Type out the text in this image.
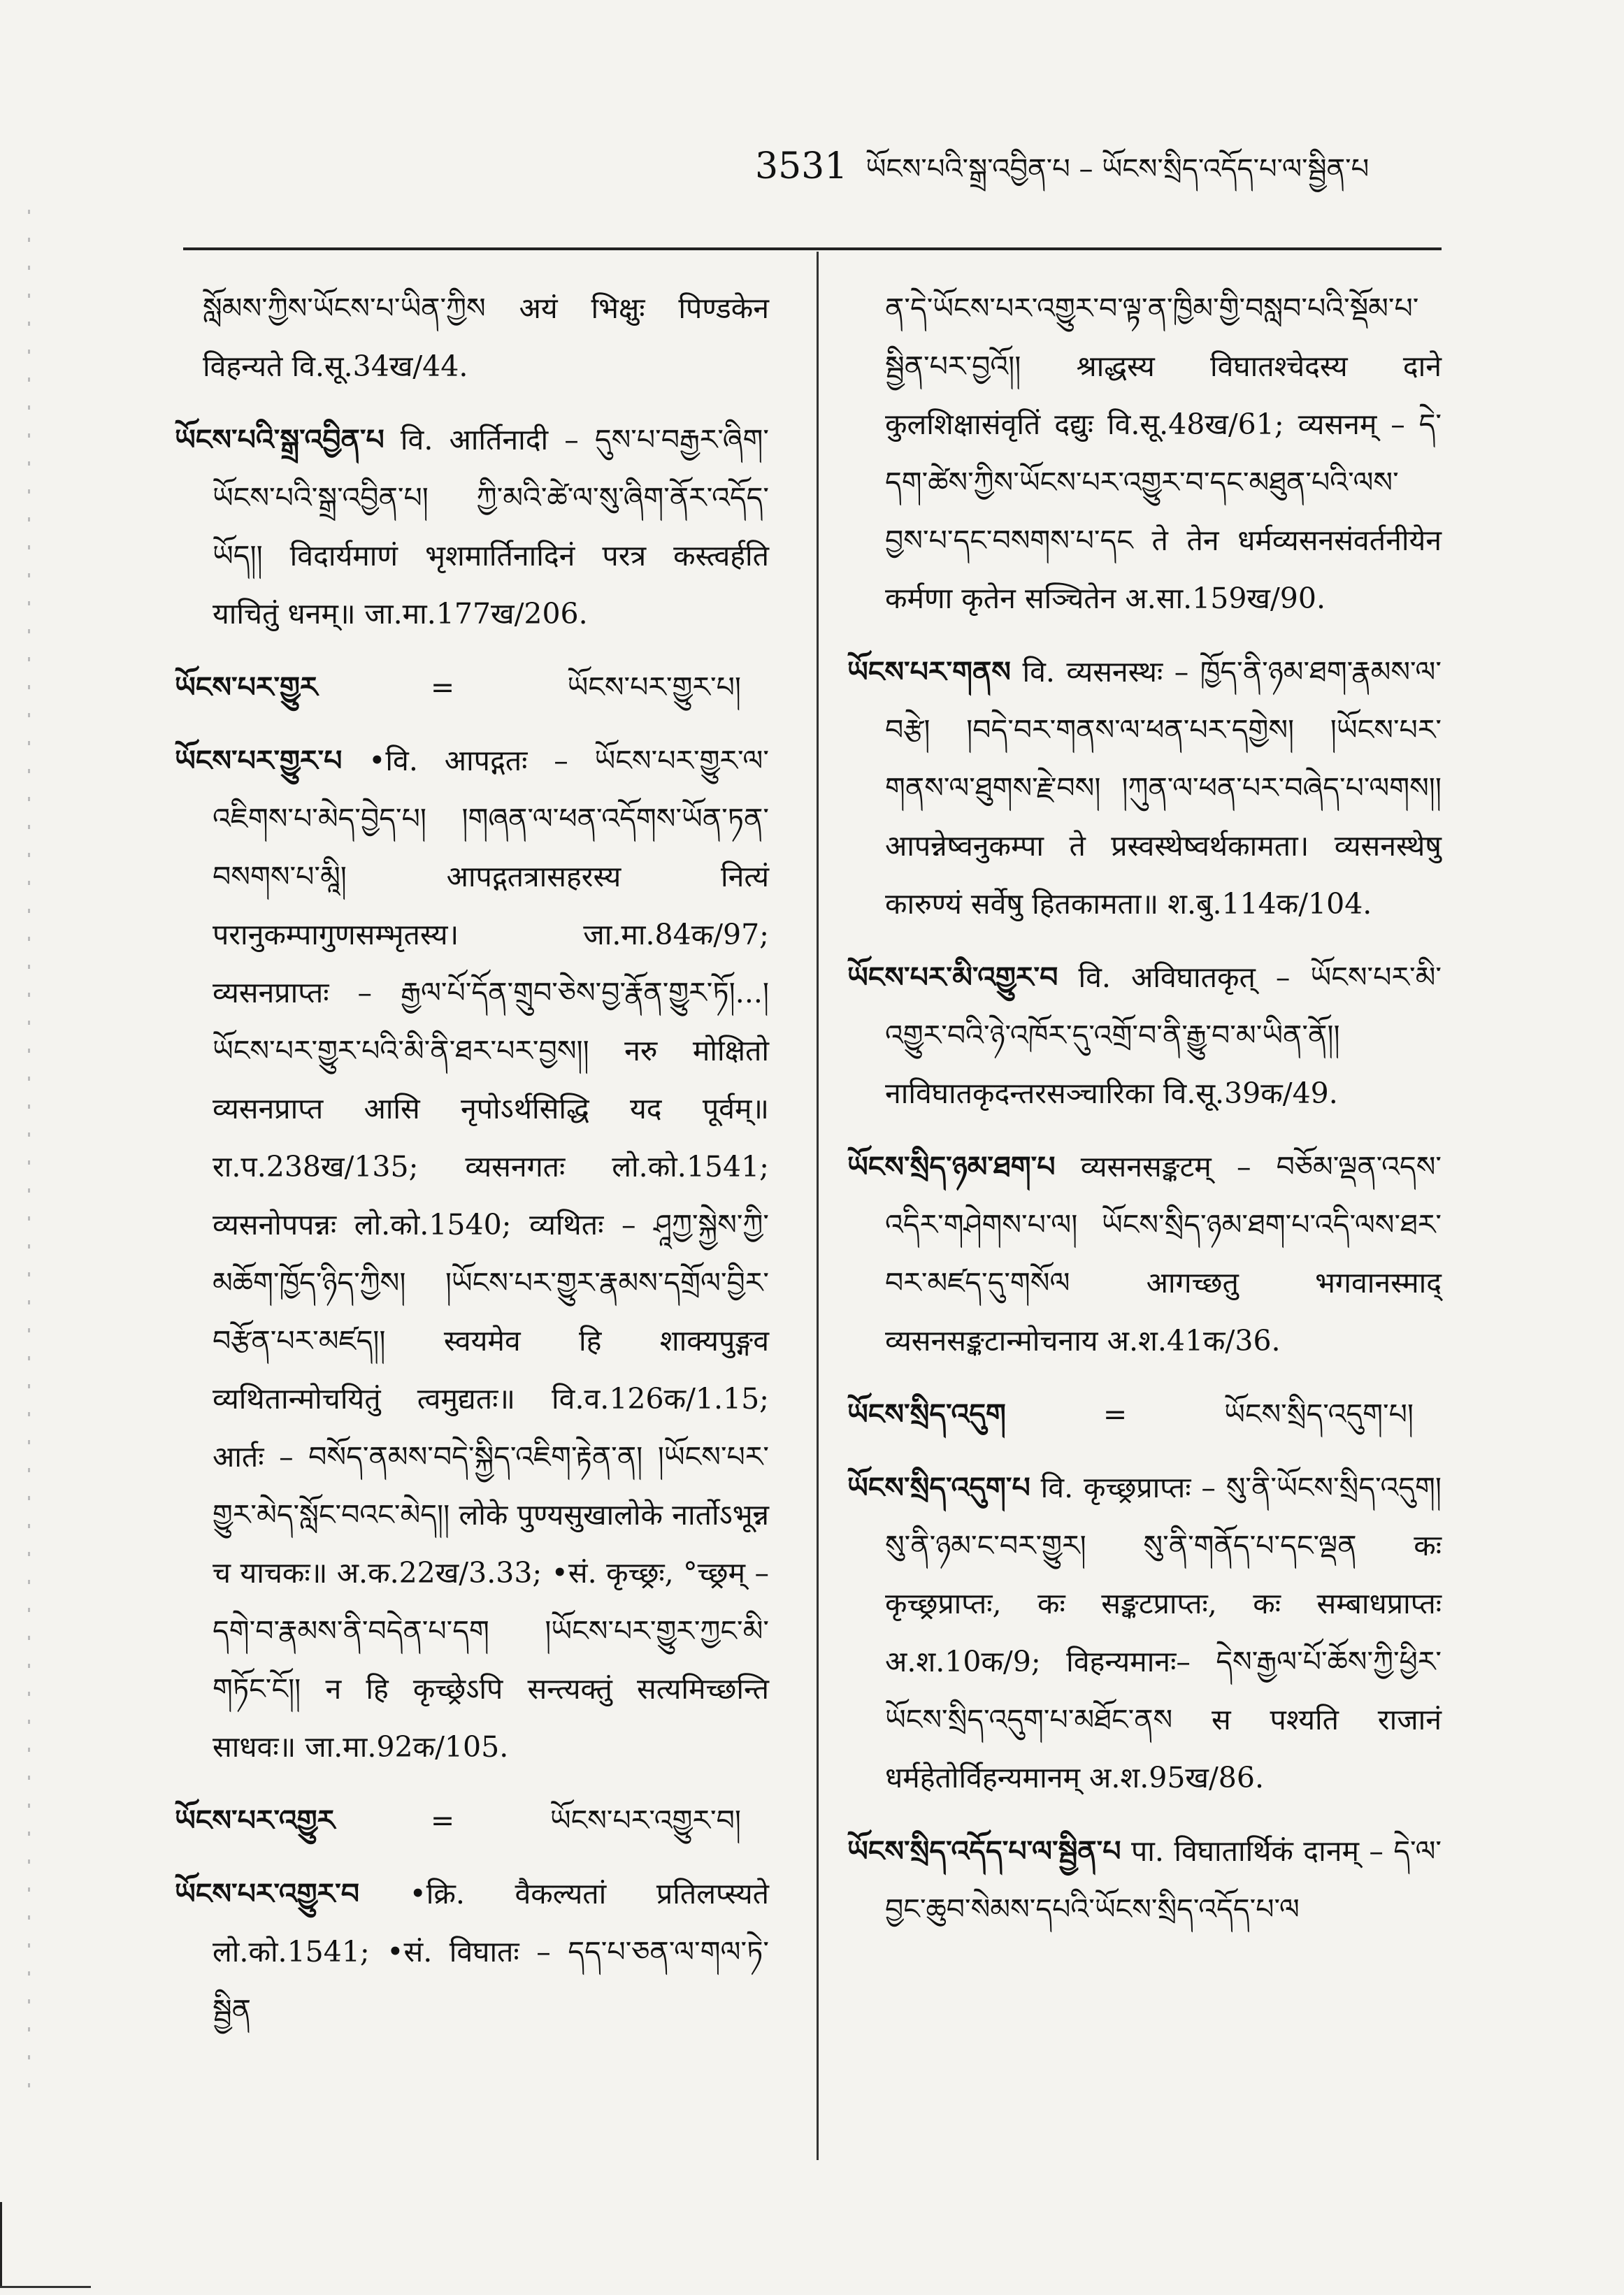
3531 ཡོངས་པའི་སྒྲ་འབྱིན་པ – ཡོངས་སྲིད་འདོད་པ་ལ་སྦྱིན་པ

སློམས་ཀྱིས་ཡོངས་པ་ཡིན་ཀྱིས अयं भिक्षुः पिण्डकेन विहन्यते वि.सू.34ख/44.

ཡོངས་པའི་སྒྲ་འབྱིན་པ वि. आर्तिनादी – དུས་པ་བརྒྱར་ཞིག་ཡོངས་པའི་སྒྲ་འབྱིན་པ། ཀྱི་མའི་ཚེ་ལ་སུ་ཞིག་ནོར་འདོད་ཡོད།། विदार्यमाणं भृशमार्तिनादिनं परत्र कस्त्वर्हति याचितुं धनम्॥ जा.मा.177ख/206.

ཡོངས་པར་གྱུར	=	ཡོངས་པར་གྱུར་པ།

ཡོངས་པར་གྱུར་པ •वि. आपद्गतः – ཡོངས་པར་གྱུར་ལ་འཇིགས་པ་མེད་བྱེད་པ། །གཞན་ལ་ཕན་འདོགས་ཡོན་ཏན་བསགས་པ་མཱི། आपद्गतत्रासहरस्य नित्यं परानुकम्पागुणसम्भृतस्य। जा.मा.84क/97; व्यसनप्राप्तः – རྒྱལ་པོ་དོན་གྲུབ་ཅེས་བྱ་རྣོན་གྱུར་ཏོ།...།ཡོངས་པར་གྱུར་པའི་མི་ནི་ཐར་པར་བྱས།། नरु मोक्षितो व्यसनप्राप्त आसि नृपोऽर्थसिद्धि यद पूर्वम्॥ रा.प.238ख/135; व्यसनगतः लो.को.1541; व्यसनोपपन्नः लो.को.1540; व्यथितः – ཤཱཀྱ་སྐྱེས་ཀྱི་མཆོག་ཁྱོད་ཉིད་ཀྱིས། །ཡོངས་པར་གྱུར་རྣམས་དགྲོལ་བྱིར་བརྩོན་པར་མཛད།། स्वयमेव हि शाक्यपुङ्गव व्यथितान्मोचयितुं त्वमुद्यतः॥ वि.व.126क/1.15; आर्तः – བསོད་ནམས་བདེ་སྐྱིད་འཇིག་རྟེན་ན། །ཡོངས་པར་གྱུར་མེད་སློང་བའང་མེད།། लोके पुण्यसुखालोके नार्तोऽभून्न च याचकः॥ अ.क.22ख/3.33; •सं. कृच्छ्रः, °च्छ्रम् – དགེ་བ་རྣམས་ནི་བདེན་པ་དག །ཡོངས་པར་གྱུར་ཀྱང་མི་གཏོང་ངོ།། न हि कृच्छ्रेऽपि सन्त्यक्तुं सत्यमिच्छन्ति साधवः॥ जा.मा.92क/105.

ཡོངས་པར་འགྱུར	=	ཡོངས་པར་འགྱུར་བ།

ཡོངས་པར་འགྱུར་བ •क्रि. वैकल्यतां प्रतिलप्स्यते लो.को.1541; •सं. विघातः – དད་པ་ཅན་ལ་གལ་ཏེ་སྦྱིན

ན་དེ་ཡོངས་པར་འགྱུར་བ་ལྟ་ན་ཁྱིམ་གྱི་བསླབ་པའི་སྡོམ་པ་སྦྱིན་པར་བྱའོ།། श्राद्धस्य विघातश्चेदस्य दाने कुलशिक्षासंवृतिं दद्युः वि.सू.48ख/61; व्यसनम् – དེ་དག་ཚེས་ཀྱིས་ཡོངས་པར་འགྱུར་བ་དང་མཐུན་པའི་ལས་བྱས་པ་དང་བསགས་པ་དང ते तेन धर्मव्यसनसंवर्तनीयेन कर्मणा कृतेन सञ्चितेन अ.सा.159ख/90.

ཡོངས་པར་གནས वि. व्यसनस्थः – ཁྱོད་ནི་ཉམ་ཐག་རྣམས་ལ་བརྩེ། །བདེ་བར་གནས་ལ་ཕན་པར་དགྱེས། །ཡོངས་པར་གནས་ལ་ཐུགས་རྗེ་བས། །ཀུན་ལ་ཕན་པར་བཞེད་པ་ལགས།། आपन्नेष्वनुकम्पा ते प्रस्वस्थेष्वर्थकामता। व्यसनस्थेषु कारुण्यं सर्वेषु हितकामता॥ श.बु.114क/104.

ཡོངས་པར་མི་འགྱུར་བ वि. अविघातकृत् – ཡོངས་པར་མི་འགྱུར་བའི་ཉེ་འཁོར་དུ་འགྲོ་བ་ནི་རྒྱུ་བ་མ་ཡིན་ནོ།། नाविघातकृदन्तरसञ्चारिका वि.सू.39क/49.

ཡོངས་སྲིད་ཉམ་ཐག་པ व्यसनसङ्कटम् – བཅོམ་ལྡན་འདས་འདིར་གཤེགས་པ་ལ། ཡོངས་སྲིད་ཉམ་ཐག་པ་འདི་ལས་ཐར་བར་མཛད་དུ་གསོལ आगच्छतु भगवानस्माद् व्यसनसङ्कटान्मोचनाय अ.श.41क/36.

ཡོངས་སྲིད་འདུག	=	ཡོངས་སྲིད་འདུག་པ།

ཡོངས་སྲིད་འདུག་པ वि. कृच्छ्रप्राप्तः – སུ་ནི་ཡོངས་སྲིད་འདུག། སུ་ནི་ཉམ་ང་བར་གྱུར། སུ་ནི་གནོད་པ་དང་ལྡན कः कृच्छ्रप्राप्तः, कः सङ्कटप्राप्तः, कः सम्बाधप्राप्तः अ.श.10क/9; विहन्यमानः– དེས་རྒྱལ་པོ་ཆོས་ཀྱི་ཕྱིར་ཡོངས་སྲིད་འདུག་པ་མཐོང་ནས स पश्यति राजानं धर्महेतोर्विहन्यमानम् अ.श.95ख/86.

ཡོངས་སྲིད་འདོད་པ་ལ་སྦྱིན་པ पा. विघातार्थिकं दानम् – དེ་ལ་བྱང་ཆུབ་སེམས་དཔའི་ཡོངས་སྲིད་འདོད་པ་ལ
